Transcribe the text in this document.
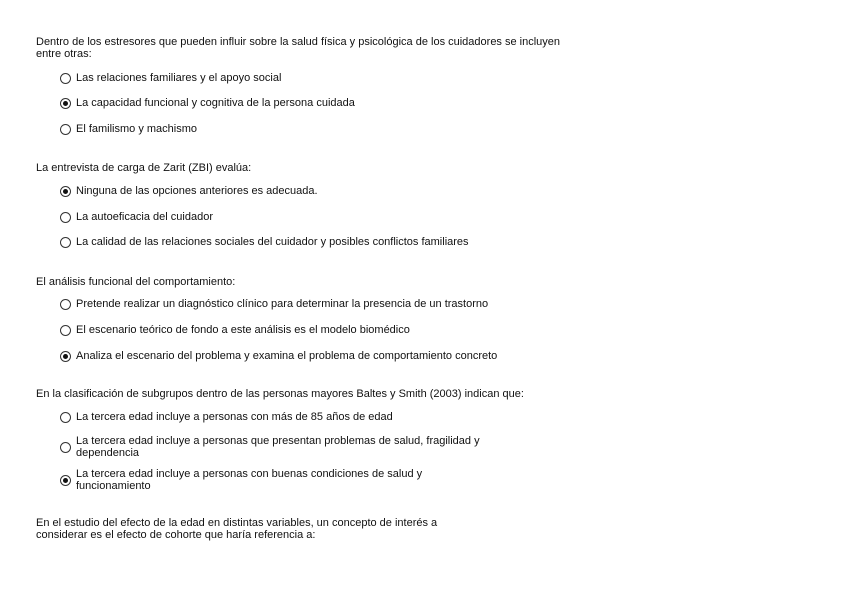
Dentro de los estresores que pueden influir sobre la salud física y psicológica de los cuidadores se incluyen
entre otras:

Las relaciones familiares y el apoyo social
La capacidad funcional y cognitiva de la persona cuidada
El familismo y machismo

La entrevista de carga de Zarit (ZBI) evalúa:

Ninguna de las opciones anteriores es adecuada.
La autoeficacia del cuidador
La calidad de las relaciones sociales del cuidador y posibles conflictos familiares

El análisis funcional del comportamiento:

Pretende realizar un diagnóstico clínico para determinar la presencia de un trastorno
El escenario teórico de fondo a este análisis es el modelo biomédico
Analiza el escenario del problema y examina el problema de comportamiento concreto

En la clasificación de subgrupos dentro de las personas mayores Baltes y Smith (2003) indican que:

La tercera edad incluye a personas con más de 85 años de edad
La tercera edad incluye a personas que presentan problemas de salud, fragilidad y
dependencia
La tercera edad incluye a personas con buenas condiciones de salud y
funcionamiento

En el estudio del efecto de la edad en distintas variables, un concepto de interés a
considerar es el efecto de cohorte que haría referencia a:
